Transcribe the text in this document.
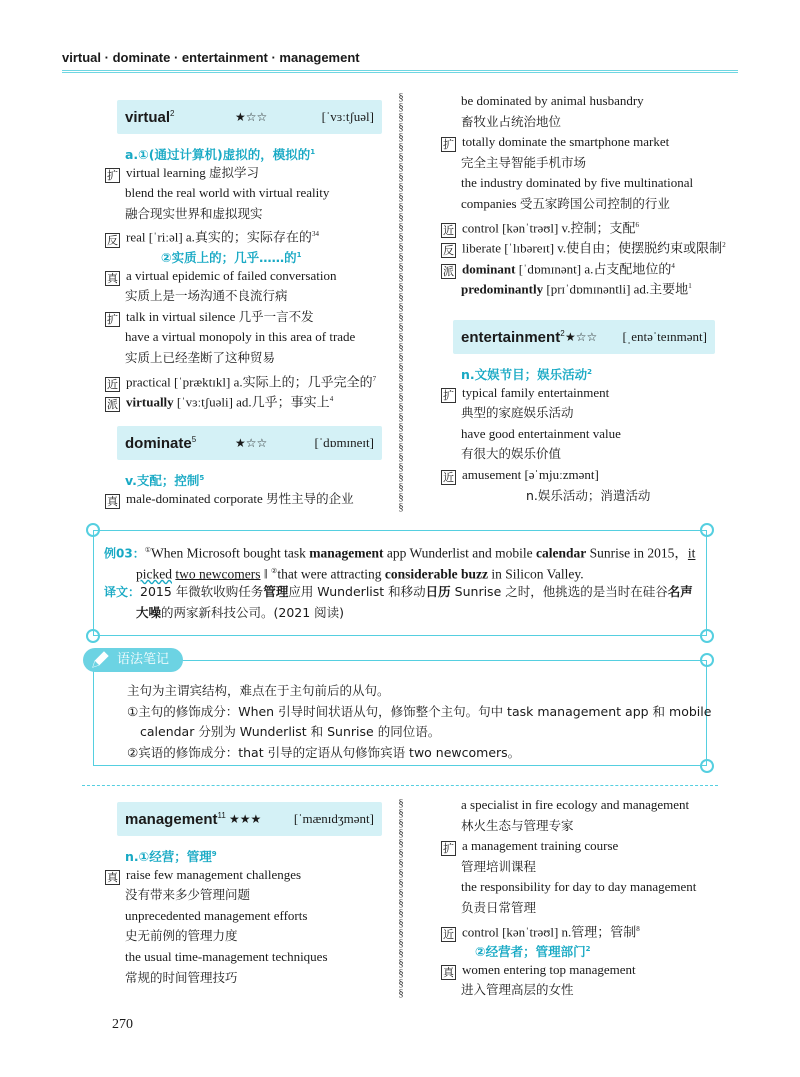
virtual · dominate · entertainment · management
virtual$^2$	★☆☆	[ˈvɜːtʃuəl]
a.①(通过计算机)虚拟的，模拟的$^1$
扩 virtual learning 虚拟学习
blend the real world with virtual reality
融合现实世界和虚拟现实
反 real [ˈriːəl] a.真实的；实际存在的$^{34}$
②实质上的；几乎……的$^1$
真 a virtual epidemic of failed conversation
实质上是一场沟通不良流行病
扩 talk in virtual silence 几乎一言不发
have a virtual monopoly in this area of trade
实质上已经垄断了这种贸易
近 practical [ˈpræktɪkl] a.实际上的；几乎完全的$^7$
派 virtually [ˈvɜːtʃuəli] ad.几乎；事实上$^4$
dominate$^5$	★☆☆	[ˈdɒmɪneɪt]
v.支配；控制$^5$
真 male-dominated corporate 男性主导的企业
§
§
§
§
§
§
§
§
§
§
§
§
§
§
§
§
§
§
§
§
§
§
§
§
§
§
§
§
§
§
§
§
§
§
§
§
§
§
§
§
§
§
be dominated by animal husbandry
畜牧业占统治地位
扩 totally dominate the smartphone market
完全主导智能手机市场
the industry dominated by five multinational
companies 受五家跨国公司控制的行业
近 control [kənˈtrəʊl] v.控制；支配$^6$
反 liberate [ˈlɪbəreɪt] v.使自由；使摆脱约束或限制$^2$
派 dominant [ˈdɒmɪnənt] a.占支配地位的$^4$
predominantly [prɪˈdɒmɪnəntli] ad.主要地$^1$
entertainment$^2$ ★☆☆ [ˌentəˈteɪnmənt]
n.文娱节目；娱乐活动$^2$
扩 typical family entertainment
典型的家庭娱乐活动
have good entertainment value
有很大的娱乐价值
近 amusement [əˈmjuːzmənt]
n.娱乐活动；消遣活动
例03：①When Microsoft bought task management app Wunderlist and mobile calendar Sunrise in 2015，it
picked two newcomers ‖ ②that were attracting considerable buzz in Silicon Valley.
译文：2015 年微软收购任务管理应用 Wunderlist 和移动日历 Sunrise 之时，他挑选的是当时在硅谷名声
大噪的两家新科技公司。(2021 阅读)
语法笔记
主句为主谓宾结构，难点在于主句前后的从句。
①主句的修饰成分：When 引导时间状语从句，修饰整个主句。句中 task management app 和 mobile
calendar 分别为 Wunderlist 和 Sunrise 的同位语。
②宾语的修饰成分：that 引导的定语从句修饰宾语 two newcomers。
management$^{11}$ ★★★	[ˈmænɪdʒmənt]
n.①经营；管理$^9$
真 raise few management challenges
没有带来多少管理问题
unprecedented management efforts
史无前例的管理力度
the usual time-management techniques
常规的时间管理技巧
§
§
§
§
§
§
§
§
§
§
§
§
§
§
§
§
§
§
§
§
a specialist in fire ecology and management
林火生态与管理专家
扩 a management training course
管理培训课程
the responsibility for day to day management
负责日常管理
近 control [kənˈtrəʊl] n.管理；管制$^8$
②经营者；管理部门$^2$
真 women entering top management
进入管理高层的女性
270
